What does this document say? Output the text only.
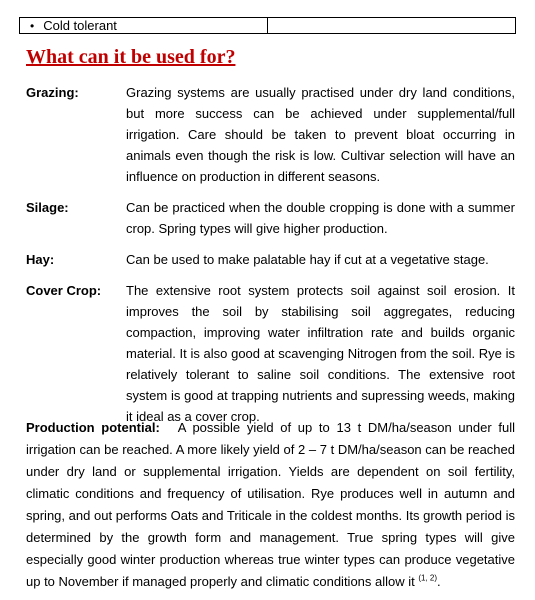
• Cold tolerant
What can it be used for?
Grazing:	Grazing systems are usually practised under dry land conditions, but more success can be achieved under supplemental/full irrigation. Care should be taken to prevent bloat occurring in animals even though the risk is low. Cultivar selection will have an influence on production in different seasons.
Silage:	Can be practiced when the double cropping is done with a summer crop. Spring types will give higher production.
Hay:	Can be used to make palatable hay if cut at a vegetative stage.
Cover Crop: The extensive root system protects soil against soil erosion. It improves the soil by stabilising soil aggregates, reducing compaction, improving water infiltration rate and builds organic material. It is also good at scavenging Nitrogen from the soil. Rye is relatively tolerant to saline soil conditions. The extensive root system is good at trapping nutrients and supressing weeds, making it ideal as a cover crop.
Production potential: A possible yield of up to 13 t DM/ha/season under full irrigation can be reached. A more likely yield of 2 – 7 t DM/ha/season can be reached under dry land or supplemental irrigation. Yields are dependent on soil fertility, climatic conditions and frequency of utilisation. Rye produces well in autumn and spring, and out performs Oats and Triticale in the coldest months. Its growth period is determined by the growth form and management. True spring types will give especially good winter production whereas true winter types can produce vegetative up to November if managed properly and climatic conditions allow it $^{(1, 2)}$.
